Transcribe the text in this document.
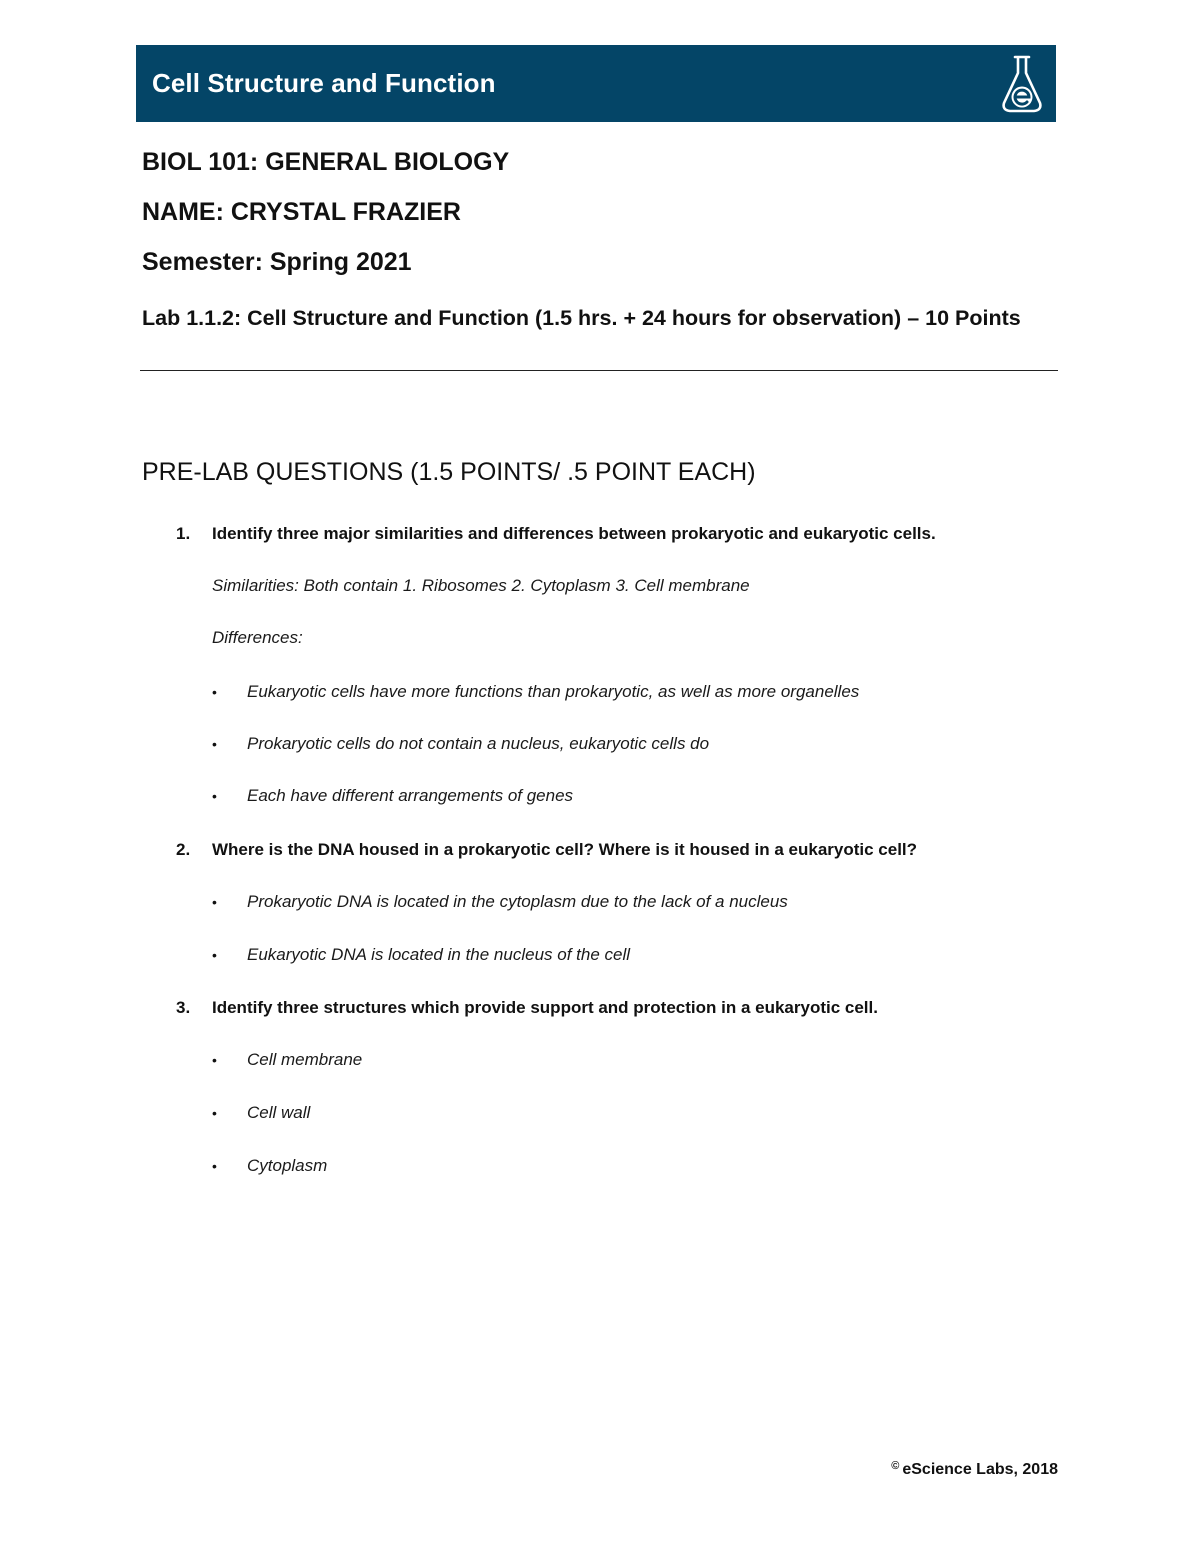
Cell Structure and Function
BIOL 101: GENERAL BIOLOGY
NAME: CRYSTAL FRAZIER
Semester: Spring 2021
Lab 1.1.2: Cell Structure and Function (1.5 hrs. + 24 hours for observation) – 10 Points
PRE-LAB QUESTIONS (1.5 POINTS/ .5 POINT EACH)
1. Identify three major similarities and differences between prokaryotic and eukaryotic cells.
Similarities: Both contain 1. Ribosomes 2. Cytoplasm 3. Cell membrane
Differences:
• Eukaryotic cells have more functions than prokaryotic, as well as more organelles
• Prokaryotic cells do not contain a nucleus, eukaryotic cells do
• Each have different arrangements of genes
2. Where is the DNA housed in a prokaryotic cell? Where is it housed in a eukaryotic cell?
• Prokaryotic DNA is located in the cytoplasm due to the lack of a nucleus
• Eukaryotic DNA is located in the nucleus of the cell
3. Identify three structures which provide support and protection in a eukaryotic cell.
• Cell membrane
• Cell wall
• Cytoplasm
© eScience Labs, 2018
